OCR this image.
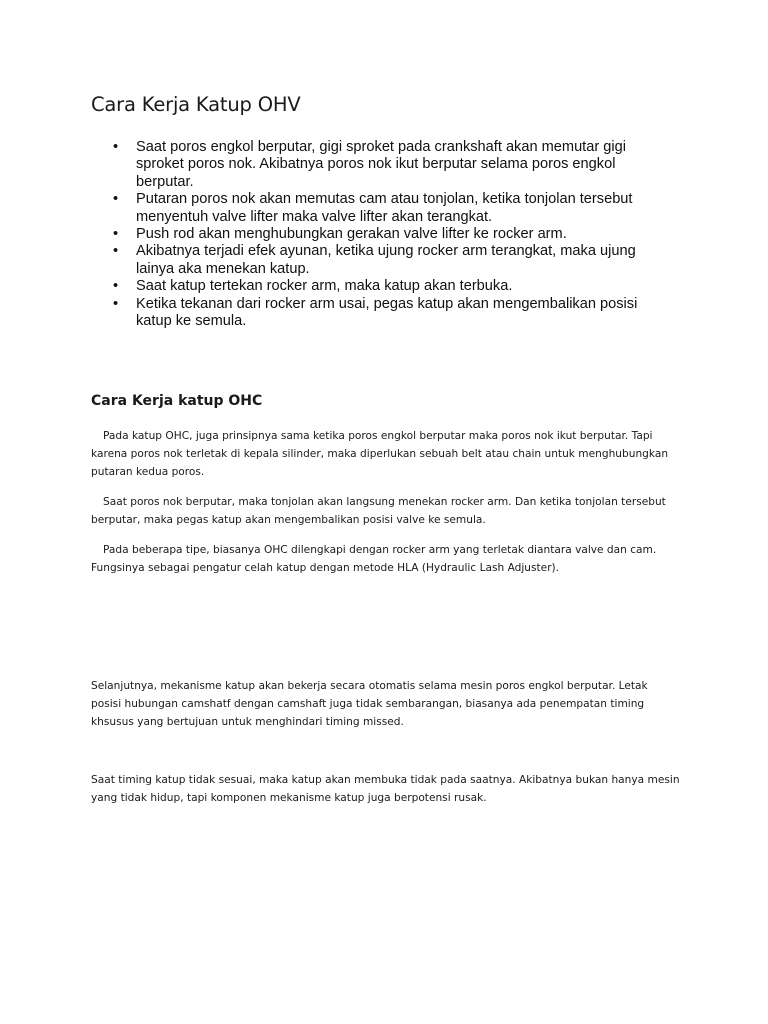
Cara Kerja Katup OHV
• Saat poros engkol berputar, gigi sproket pada crankshaft akan memutar gigi sproket poros nok. Akibatnya poros nok ikut berputar selama poros engkol berputar.
• Putaran poros nok akan memutas cam atau tonjolan, ketika tonjolan tersebut menyentuh valve lifter maka valve lifter akan terangkat.
• Push rod akan menghubungkan gerakan valve lifter ke rocker arm.
• Akibatnya terjadi efek ayunan, ketika ujung rocker arm terangkat, maka ujung lainya aka menekan katup.
• Saat katup tertekan rocker arm, maka katup akan terbuka.
• Ketika tekanan dari rocker arm usai, pegas katup akan mengembalikan posisi katup ke semula.
Cara Kerja katup OHC

Pada katup OHC, juga prinsipnya sama ketika poros engkol berputar maka poros nok ikut berputar. Tapi karena poros nok terletak di kepala silinder, maka diperlukan sebuah belt atau chain untuk menghubungkan putaran kedua poros.

Saat poros nok berputar, maka tonjolan akan langsung menekan rocker arm. Dan ketika tonjolan tersebut berputar, maka pegas katup akan mengembalikan posisi valve ke semula.

Pada beberapa tipe, biasanya OHC dilengkapi dengan rocker arm yang terletak diantara valve dan cam. Fungsinya sebagai pengatur celah katup dengan metode HLA (Hydraulic Lash Adjuster).

Selanjutnya, mekanisme katup akan bekerja secara otomatis selama mesin poros engkol berputar. Letak posisi hubungan camshatf dengan camshaft juga tidak sembarangan, biasanya ada penempatan timing khsusus yang bertujuan untuk menghindari timing missed.

Saat timing katup tidak sesuai, maka katup akan membuka tidak pada saatnya. Akibatnya bukan hanya mesin yang tidak hidup, tapi komponen mekanisme katup juga berpotensi rusak.
